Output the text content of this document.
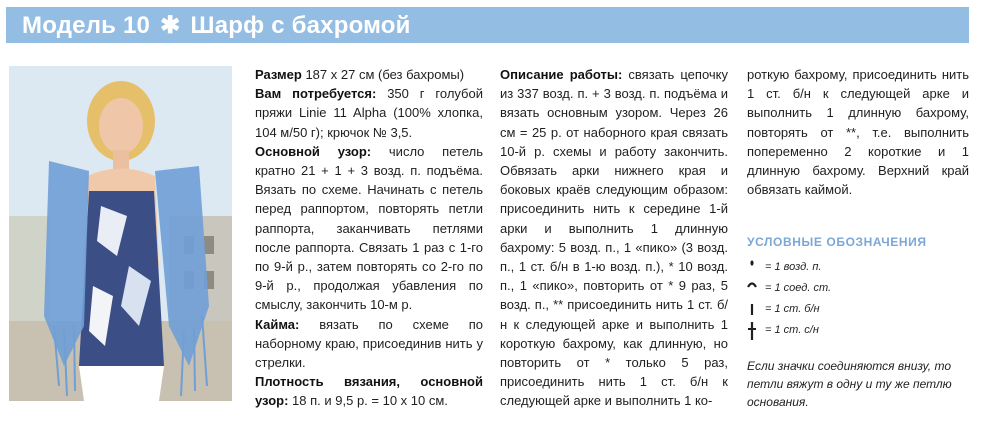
Модель 10 ✱ Шарф с бахромой

Размер 187 х 27 см (без бахромы)

Вам потребуется: 350 г голубой пряжи Linie 11 Alpha (100% хлопка, 104 м/50 г); крючок № 3,5.

Основной узор: число петель кратно 21 + 1 + 3 возд. п. подъёма. Вязать по схеме. Начинать с петель перед раппортом, повторять петли раппорта, заканчивать петлями после раппорта. Связать 1 раз с 1-го по 9-й р., затем повторять со 2-го по 9-й р., продолжая убавления по смыслу, закончить 10-м р.

Кайма: вязать по схеме по наборному краю, присоединив нить у стрелки.

Плотность вязания, основной узор: 18 п. и 9,5 р. = 10 х 10 см.

Описание работы: связать цепочку из 337 возд. п. + 3 возд. п. подъёма и вязать основным узором. Через 26 см = 25 р. от наборного края связать 10-й р. схемы и работу закончить. Обвязать арки нижнего края и боковых краёв следующим образом: присоединить нить к середине 1-й арки и выполнить 1 длинную бахрому: 5 возд. п., 1 «пико» (3 возд. п., 1 ст. б/н в 1-ю возд. п.), * 10 возд. п., 1 «пико», повторить от * 9 раз, 5 возд. п., ** присоединить нить 1 ст. б/н к следующей арке и выполнить 1 короткую бахрому, как длинную, но повторить от * только 5 раз, присоединить нить 1 ст. б/н к следующей арке и выполнить 1 ко-

роткую бахрому, присоединить нить 1 ст. б/н к следующей арке и выполнить 1 длинную бахрому, повторять от **, т.е. выполнить попеременно 2 короткие и 1 длинную бахрому. Верхний край обвязать каймой.

УСЛОВНЫЕ ОБОЗНАЧЕНИЯ
= 1 возд. п.
= 1 соед. ст.
= 1 ст. б/н
= 1 ст. с/н
Если значки соединяются внизу, то петли вяжут в одну и ту же петлю основания.
